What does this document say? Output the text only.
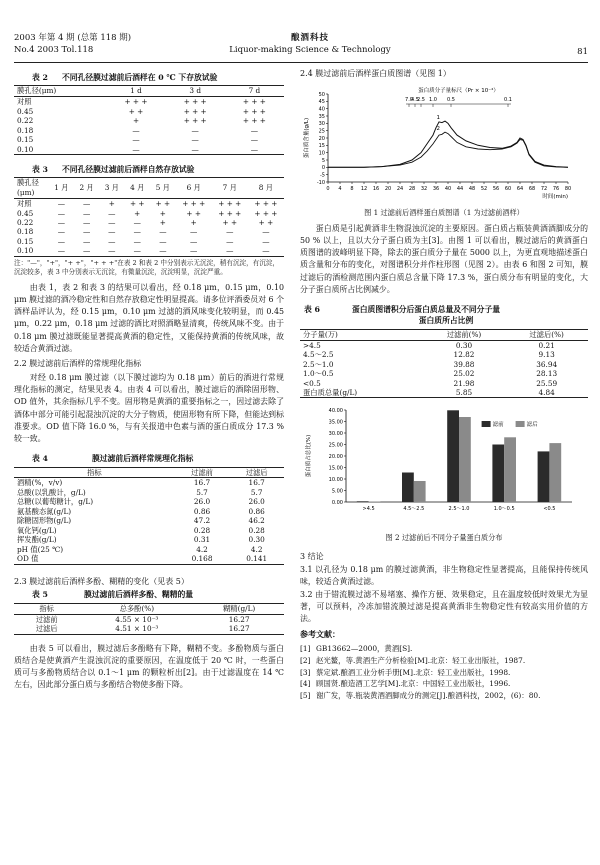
2003 年第 4 期 (总第 118 期)
No.4 2003 Tol.118
酿酒科技
Liquor-making Science & Technology	81
表 2 不同孔径膜过滤前后酒样在 0 ℃ 下存放试验
膜孔径(μm)	1 d	3 d	7 d
对照	+ + +	+ + +	+ + +
0.45	+ +	+ + +	+ + +
0.22	+	+ + +	+ + +
0.18	—	—	—
0.15	—	—	—
0.10	—	—	—
表 3 不同孔径膜过滤前后酒样自然存放试验
膜孔径
(μm)	1 月	2 月	3 月	4 月	5 月	6 月	7 月	8 月
对照	—	—	+	+ +	+ +	+ + +	+ + +	+ + +
0.45	—	—	—	+	+	+ +	+ + +	+ + +
0.22	—	—	—	—	+	+	+ +	+ +
0.18	—	—	—	—	—	—	—	—
0.15	—	—	—	—	—	—	—	—
0.10	—	—	—	—	—	—	—	—
注："—"，"+"，"+ +"，"+ + +"在表 2 和表 2 中分别表示无沉淀，稍有沉淀，有沉淀，沉淀较多，表 3 中分别表示无沉淀，有微量沉淀，沉淀明显，沉淀严重。
由表 1，表 2 和表 3 的结果可以看出，经 0.18 μm，0.15 μm，0.10 μm 膜过滤的酒冷稳定性和自然存放稳定性明显提高。请多位评酒委员对 6 个酒样品评认为，经 0.15 μm，0.10 μm 过滤的酒风味变化较明显，而 0.45 μm，0.22 μm，0.18 μm 过滤的酒比对照酒略显清爽，传统风味不变。由于 0.18 μm 膜过滤既能显著提高黄酒的稳定性，又能保持黄酒的传统风味，故较适合黄酒过滤。
2.2 膜过滤前后酒样的常规理化指标
对经 0.18 μm 膜过滤（以下膜过滤均为 0.18 μm）前后的酒进行常规理化指标的测定，结果见表 4。由表 4 可以看出，膜过滤后的酒除固形物、OD 值外，其余指标几乎不变。固形物是黄酒的重要指标之一，因过滤去除了酒体中部分可能引起混浊沉淀的大分子物质，使固形物有所下降，但能达到标准要求。OD 值下降 16.0 %，与有关报道中色素与酒的蛋白质成分 17.3 % 较一致。
表 4	膜过滤前后酒样常规理化指标
指标	过滤前	过滤后
酒精(%，v/v)	16.7	16.7
总酸(以乳酸计，g/L)	5.7	5.7
总糖(以葡萄糖计，g/L)	26.0	26.0
氨基酸态氮(g/L)	0.86	0.86
除糖固形物(g/L)	47.2	46.2
氧化钙(g/L)	0.28	0.28
挥发酯(g/L)	0.31	0.30
pH 值(25 ℃)	4.2	4.2
OD 值	0.168	0.141
2.3 膜过滤前后酒样多酚、糊精的变化（见表 5）
表 5	膜过滤前后酒样多酚、糊精的量
指标	总多酚(%)	糊精(g/L)
过滤前	4.55 × 10⁻³	16.27
过滤后	4.51 × 10⁻³	16.27
由表 5 可以看出，膜过滤后多酚略有下降，糊精不变。多酚物质与蛋白质结合是使黄酒产生混浊沉淀的重要原因，在温度低于 20 ℃ 时，一些蛋白质可与多酚物质结合以 0.1～1 μm 的颗粒析出[2]。由于过滤温度在 14 ℃ 左右，因此部分蛋白质与多酚结合物使多酚下降。
2.4 膜过滤前后酒样蛋白质图谱（见图 1）
蛋白质含量(g/L)
-10
-5
0
5
10
15
20
25
30
35
40
45
50
0 4 8 12 16 20 24 28 32 36 40 44 48 52 56 60 64 68 72 76 80
时间(min)
蛋白质分子量标尺（Pr × 10⁻⁴）
7.0
4.5
2.5 1.0 0.5	0.1
1
2
图 1 过滤前后酒样蛋白质图谱（1 为过滤前酒样）
蛋白质是引起黄酒非生物混浊沉淀的主要原因。蛋白质占瓶装黄酒酒脚成分的 50 % 以上，且以大分子蛋白质为主[3]。由图 1 可以看出，膜过滤后的黄酒蛋白质图谱的波峰明显下降，除去的蛋白质分子量在 5000 以上，为更直观地描述蛋白质含量和分布的变化，对图谱积分并作柱形图（见图 2）。由表 6 和图 2 可知，膜过滤后的酒检测范围内蛋白质总含量下降 17.3 %，蛋白质分布有明显的变化，大分子蛋白质所占比例减少。
表 6	蛋白质图谱积分后蛋白质总量及不同分子量
蛋白质所占比例
分子量(万)	过滤前(%)	过滤后(%)
>4.5	0.30	0.21
4.5～2.5	12.82	9.13
2.5～1.0	39.88	36.94
1.0～0.5	25.02	28.13
<0.5	21.98	25.59
蛋白质总量(g/L)	5.85	4.84
蛋白质占总比(%)
0.00
5.00
10.00
15.00
20.00
25.00
30.00
35.00
40.00
>4.5	4.5～2.5	2.5～1.0	1.0～0.5	<0.5
滤前	滤后
图 2 过滤前后不同分子量蛋白质分布
3 结论
3.1 以孔径为 0.18 μm 的膜过滤黄酒，非生物稳定性显著提高，且能保持传统风味，较适合黄酒过滤。
3.2 由于错流膜过滤不易堵塞、操作方便、效果稳定，且在温度较低时效果尤为显著，可以预料，冷冻加错流膜过滤是提高黄酒非生物稳定性有较高实用价值的方法。
参考文献：
[1] GB13662—2000，黄酒[S].
[2] 赵光鳌，等.黄酒生产分析检验[M].北京：轻工业出版社，1987.
[3] 蔡定斌.酿酒工业分析手册[M].北京：轻工业出版社，1998.
[4] 顾国贤.酿造酒工艺学[M].北京：中国轻工业出版社，1996.
[5] 谢广发，等.瓶装黄酒酒脚成分的测定[J].酿酒科技，2002，(6)：80.
